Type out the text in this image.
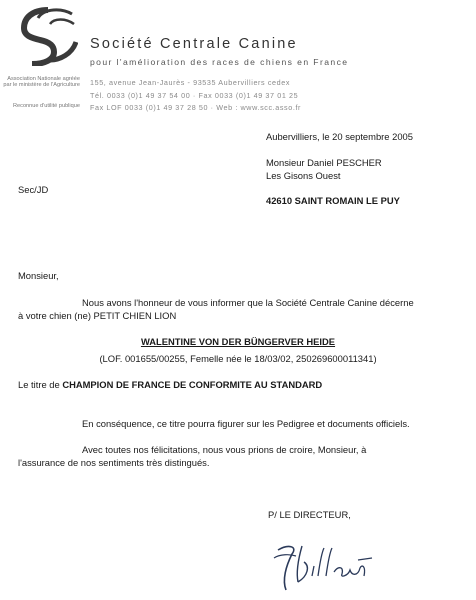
Société Centrale Canine
pour l'amélioration des races de chiens en France
Association Nationale agréée par le ministère de l'Agriculture
Reconnue d'utilité publique
155, avenue Jean-Jaurès - 93535 Aubervilliers cedex
Tél. 0033 (0)1 49 37 54 00 · Fax 0033 (0)1 49 37 01 25
Fax LOF 0033 (0)1 49 37 28 50 · Web : www.scc.asso.fr
Aubervilliers, le 20 septembre 2005
Monsieur Daniel PESCHER
Les Gisons Ouest
Sec/JD
42610 SAINT ROMAIN LE PUY
Monsieur,
Nous avons l'honneur de vous informer que la Société Centrale Canine décerne
à votre chien (ne) PETIT CHIEN LION
WALENTINE VON DER BÜNGERVER HEIDE
(LOF. 001655/00255, Femelle née le 18/03/02, 250269600011341)
Le titre de CHAMPION DE FRANCE DE CONFORMITE AU STANDARD
En conséquence, ce titre pourra figurer sur les Pedigree et documents officiels.
Avec toutes nos félicitations, nous vous prions de croire, Monsieur, à
l'assurance de nos sentiments très distingués.
P/ LE DIRECTEUR,
